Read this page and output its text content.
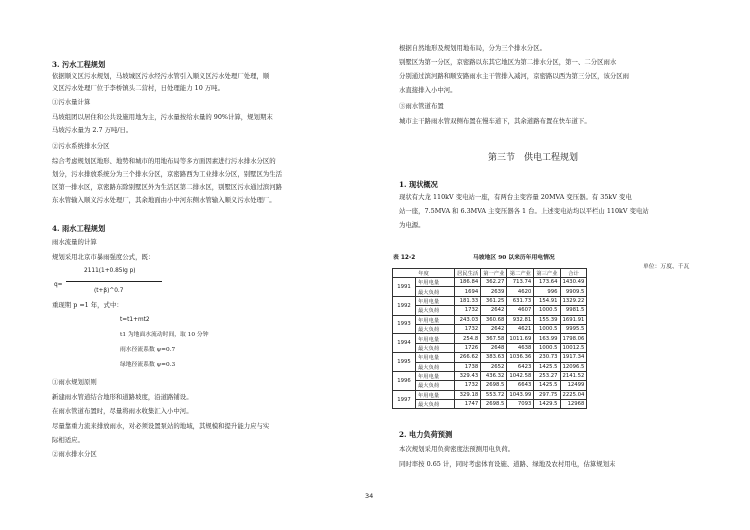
3. 污水工程规划
依据顺义区污水规划，马坡城区污水经污水管引入顺义区污水处理厂处理，顺
义区污水处理厂位于李桥镇头二营村，日处理能力 10 万吨。
①污水量计算
马坡组团以居住和公共设施用地为主，污水量按给水量的 90%计算，规划期末
马坡污水量为 2.7 万吨/日。
②污水系统排水分区
综合考虑规划区地形、地势和城市的用地布局等多方面因素进行污水排水分区的
划分，污水排放系统分为三个排水分区，京密路西为工业排水分区，别墅区为生活
区第一排水区，京密路东除别墅区外为生活区第二排水区，别墅区污水通过滨河路
东水管输入顺义污水处理厂，其余地面由小中河东侧水管输入顺义污水处理厂。
4. 雨水工程规划
雨水流量的计算
规划采用北京市暴雨强度公式，既：
2111(1+0.85lg p)
q=
(t+β)^0.7
重现期 p =1 年，式中：
t=t1+mt2
t1 为地面水流动时间，取 10 分钟
雨水径流系数 ψ=0.7
绿地径流系数 ψ=0.3
①雨水规划原则
新建雨水管道结合地形和道路坡度，沿道路铺设。
在雨水管道布置时，尽量将雨水收集汇入小中河。
尽量靠重力流来排放雨水，对必须设置泵站的地域，其规模和提升能力应与实
际相适应。
②雨水排水分区
根据自然地形及规划用地布局，分为三个排水分区。
别墅区为第一分区，京密路以东其它地区为第二排水分区，第一、二分区雨水
分别通过滨河路和顺安路雨水主干管排入减河，京密路以西为第三分区，该分区雨
水直接排入小中河。
③雨水管道布置
城市主干路雨水管双侧布置在慢车道下，其余道路布置在快车道下。
第三节　供电工程规划
1. 现状概况
现状有大龙 110kV 变电站一座，有两台主变容量 20MVA 变压器。有 35kV 变电
站一座，7.5MVA 和 6.3MVA 主变压器各 1 台。上述变电站均以平栏山 110kV 变电站
为电源。
表 12-2	马坡地区 90 以来历年用电情况
单位：万度、千瓦
2. 电力负荷预测
本次规划采用负荷密度法预测用电负荷。
同时率按 0.65 计，同时考虑体育设施、道路、绿地及农村用电，估算规划末
年度		居民生活	第一产业	第二产业	第三产业	合计
1991	年用电量	186.84	362.27	713.74	173.64	1430.49
	最大负荷	1694	2639	4620	996	9909.5
1992	年用电量	181.33	361.25	631.73	154.91	1329.22
	最大负荷	1732	2642	4607	1000.5	9981.5
1993	年用电量	243.03	360.68	932.81	155.39	1691.91
	最大负荷	1732	2642	4621	1000.5	9995.5
1994	年用电量	254.8	367.58	1011.69	163.99	1798.06
	最大负荷	1726	2648	4638	1000.5	10012.5
1995	年用电量	266.62	383.63	1036.36	230.73	1917.34
	最大负荷	1738	2652	6423	1425.5	12096.5
1996	年用电量	329.43	436.32	1042.58	253.27	2141.52
	最大负荷	1732	2698.5	6643	1425.5	12499
1997	年用电量	329.18	553.72	1043.99	297.75	2225.04
	最大负荷	1747	2698.5	7093	1429.5	12968
34
